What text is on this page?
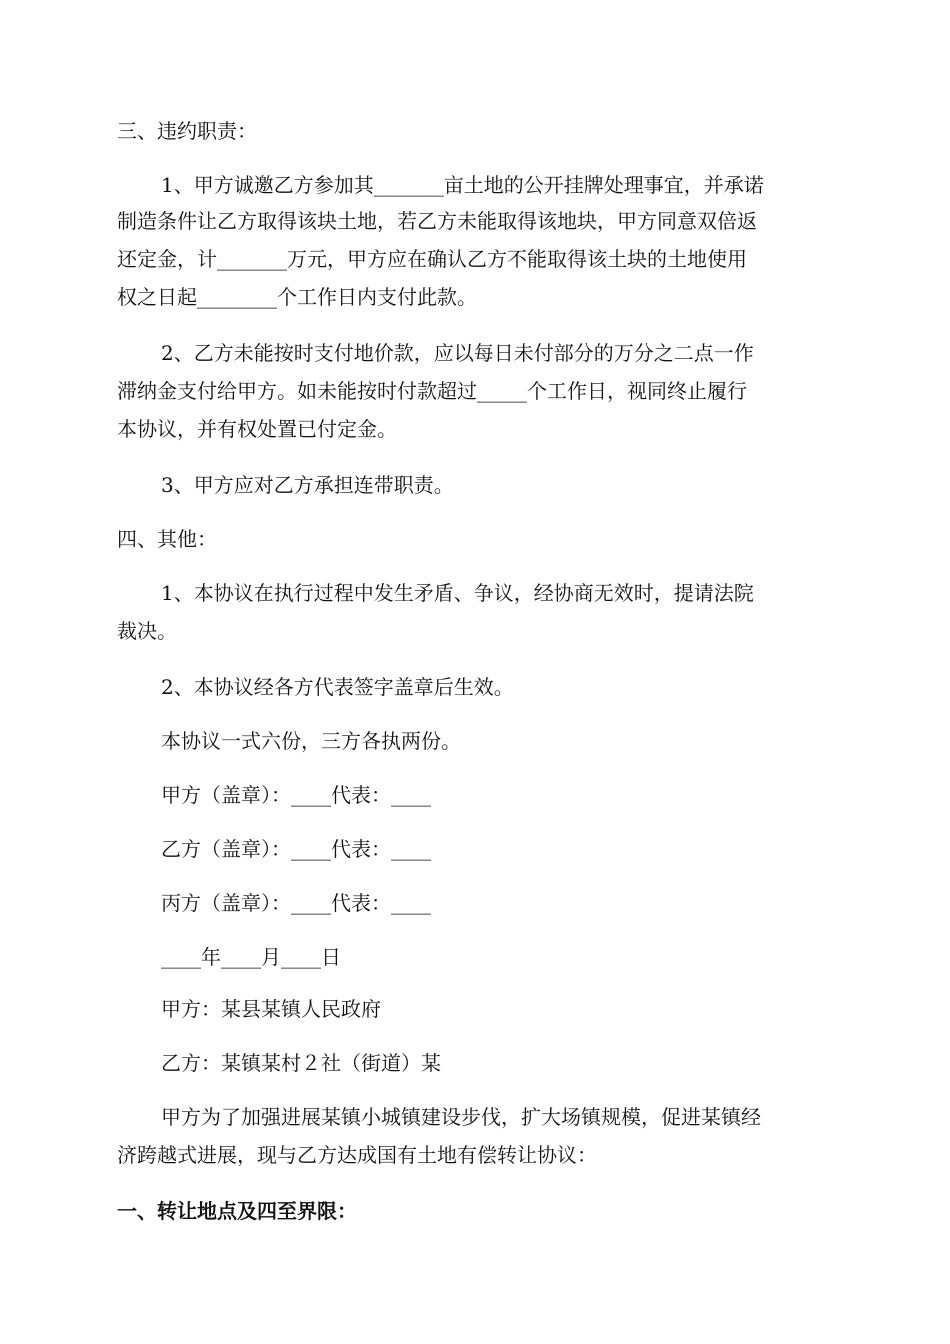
三、违约职责：

1、甲方诚邀乙方参加其_______亩土地的公开挂牌处理事宜，并承诺

制造条件让乙方取得该块土地，若乙方未能取得该地块，甲方同意双倍返

还定金，计_______万元，甲方应在确认乙方不能取得该土块的土地使用

权之日起________个工作日内支付此款。

2、乙方未能按时支付地价款，应以每日未付部分的万分之二点一作

滞纳金支付给甲方。如未能按时付款超过_____个工作日，视同终止履行

本协议，并有权处置已付定金。

3、甲方应对乙方承担连带职责。

四、其他：

1、本协议在执行过程中发生矛盾、争议，经协商无效时，提请法院

裁决。

2、本协议经各方代表签字盖章后生效。

本协议一式六份，三方各执两份。

甲方（盖章）：____代表：____

乙方（盖章）：____代表：____

丙方（盖章）：____代表：____

____年____月____日

甲方：某县某镇人民政府

乙方：某镇某村２社（街道）某

甲方为了加强进展某镇小城镇建设步伐，扩大场镇规模，促进某镇经

济跨越式进展，现与乙方达成国有土地有偿转让协议：

一、转让地点及四至界限：
